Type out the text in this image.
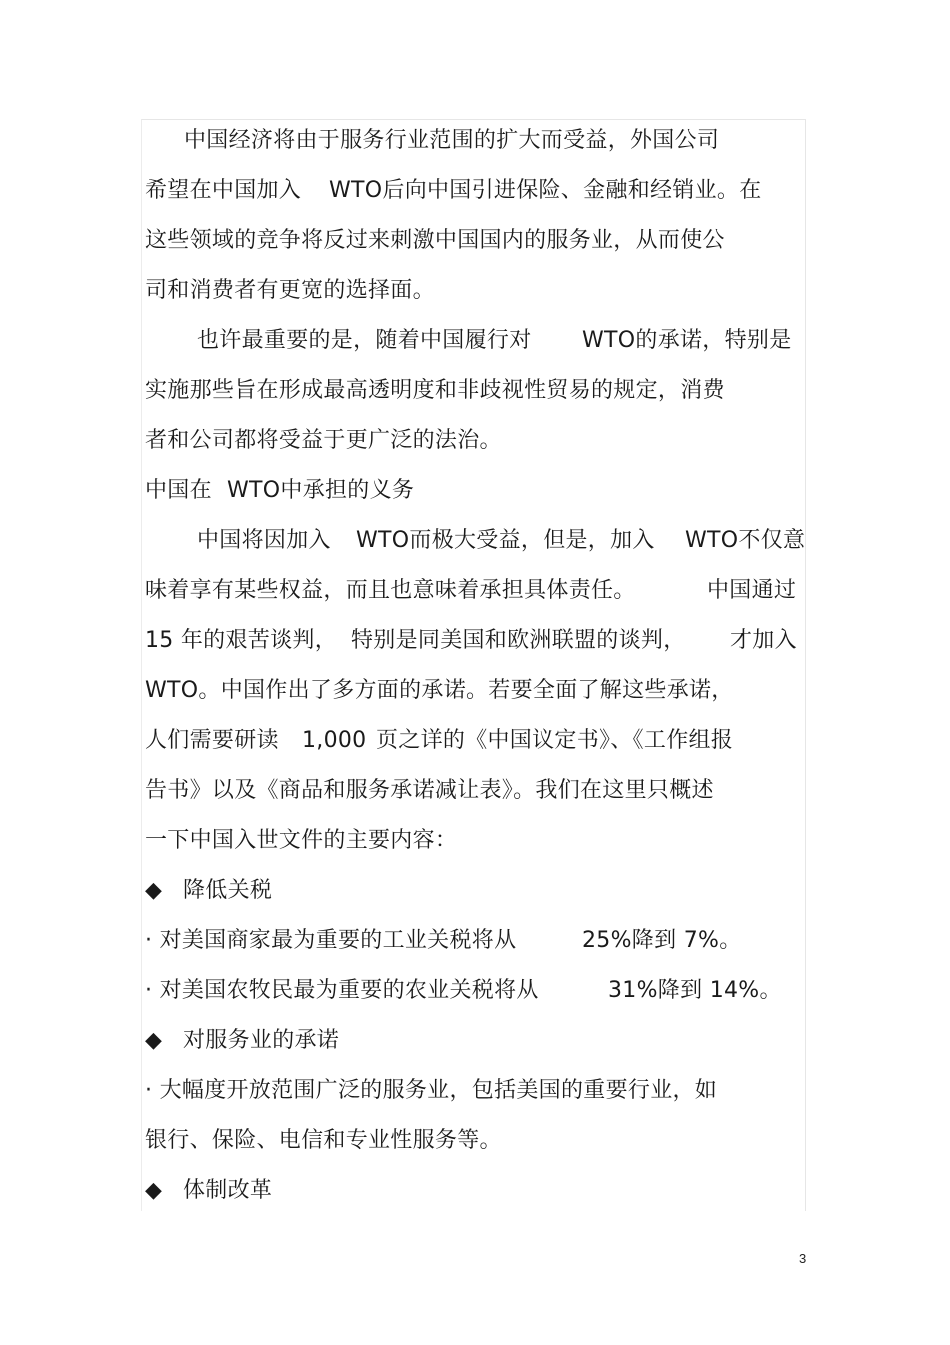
中国经济将由于服务行业范围的扩大而受益，外国公司
希望在中国加入 WTO后向中国引进保险、金融和经销业。在
这些领域的竞争将反过来刺激中国国内的服务业，从而使公
司和消费者有更宽的选择面。
也许最重要的是，随着中国履行对 WTO的承诺，特别是
实施那些旨在形成最高透明度和非歧视性贸易的规定，消费
者和公司都将受益于更广泛的法治。
中国在 WTO中承担的义务
中国将因加入 WTO而极大受益，但是，加入 WTO不仅意
味着享有某些权益，而且也意味着承担具体责任。	中国通过
15 年的艰苦谈判， 特别是同美国和欧洲联盟的谈判， 才加入
WTO。中国作出了多方面的承诺。若要全面了解这些承诺，
人们需要研读 1,000 页之详的《中国议定书》、《工作组报
告书》以及《商品和服务承诺减让表》。我们在这里只概述
一下中国入世文件的主要内容：
◆ 降低关税
· 对美国商家最为重要的工业关税将从	25%降到 7%。
· 对美国农牧民最为重要的农业关税将从	31%降到 14%。
◆ 对服务业的承诺
· 大幅度开放范围广泛的服务业，包括美国的重要行业，如
银行、保险、电信和专业性服务等。
◆ 体制改革
3
